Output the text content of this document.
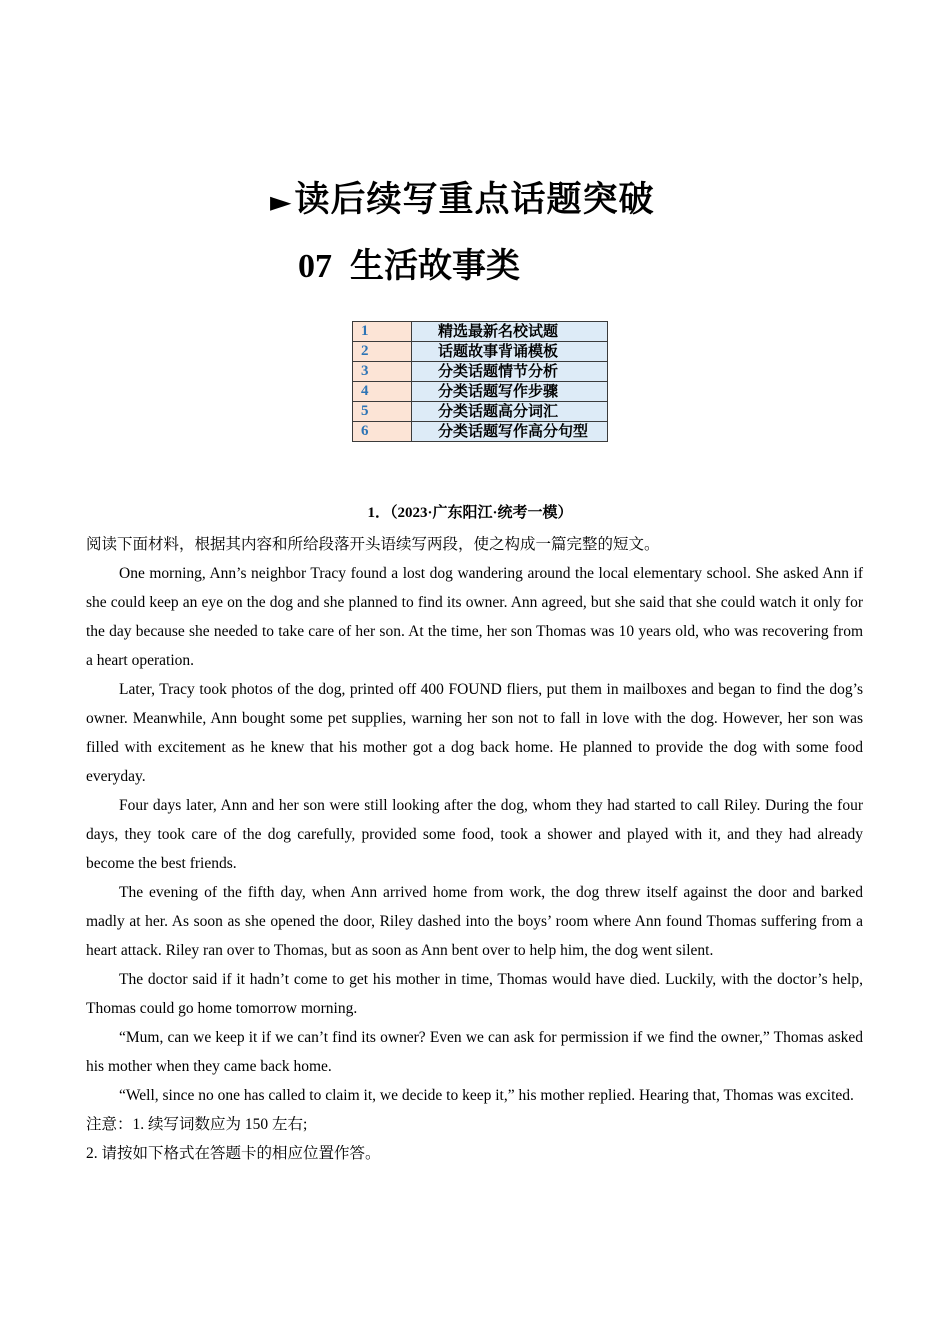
►读后续写重点话题突破
07 生活故事类
1	精选最新名校试题
2	话题故事背诵模板
3	分类话题情节分析
4	分类话题写作步骤
5	分类话题高分词汇
6	分类话题写作高分句型
1．（2023·广东阳江·统考一模）

阅读下面材料，根据其内容和所给段落开头语续写两段，使之构成一篇完整的短文。

One morning, Ann’s neighbor Tracy found a lost dog wandering around the local elementary school. She asked Ann if she could keep an eye on the dog and she planned to find its owner. Ann agreed, but she said that she could watch it only for the day because she needed to take care of her son. At the time, her son Thomas was 10 years old, who was recovering from a heart operation.

Later, Tracy took photos of the dog, printed off 400 FOUND fliers, put them in mailboxes and began to find the dog’s owner. Meanwhile, Ann bought some pet supplies, warning her son not to fall in love with the dog. However, her son was filled with excitement as he knew that his mother got a dog back home. He planned to provide the dog with some food everyday.

Four days later, Ann and her son were still looking after the dog, whom they had started to call Riley. During the four days, they took care of the dog carefully, provided some food, took a shower and played with it, and they had already become the best friends.

The evening of the fifth day, when Ann arrived home from work, the dog threw itself against the door and barked madly at her. As soon as she opened the door, Riley dashed into the boys’ room where Ann found Thomas suffering from a heart attack. Riley ran over to Thomas, but as soon as Ann bent over to help him, the dog went silent.

The doctor said if it hadn’t come to get his mother in time, Thomas would have died. Luckily, with the doctor’s help, Thomas could go home tomorrow morning.

“Mum, can we keep it if we can’t find its owner? Even we can ask for permission if we find the owner,” Thomas asked his mother when they came back home.

“Well, since no one has called to claim it, we decide to keep it,” his mother replied. Hearing that, Thomas was excited.

注意：1. 续写词数应为 150 左右;

2. 请按如下格式在答题卡的相应位置作答。
